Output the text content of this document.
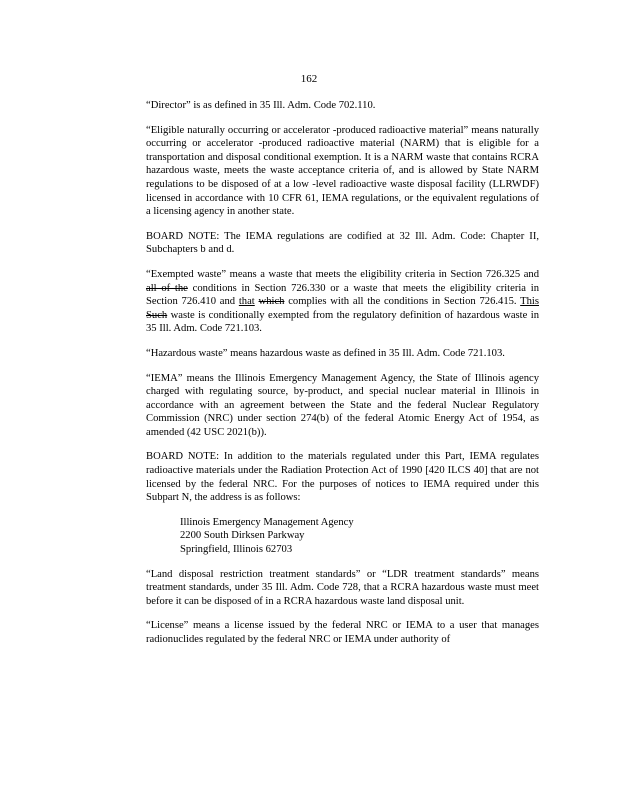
162

“Director” is as defined in 35 Ill. Adm. Code 702.110.

“Eligible naturally occurring or accelerator -produced radioactive material” means naturally occurring or accelerator -produced radioactive material (NARM) that is eligible for a transportation and disposal conditional exemption. It is a NARM waste that contains RCRA hazardous waste, meets the waste acceptance criteria of, and is allowed by State NARM regulations to be disposed of at a low -level radioactive waste disposal facility (LLRWDF) licensed in accordance with 10 CFR 61, IEMA regulations, or the equivalent regulations of a licensing agency in another state.

BOARD NOTE: The IEMA regulations are codified at 32 Ill. Adm. Code: Chapter II, Subchapters b and d.

“Exempted waste” means a waste that meets the eligibility criteria in Section 726.325 and all of the conditions in Section 726.330 or a waste that meets the eligibility criteria in Section 726.410 and that which complies with all the conditions in Section 726.415. This Such waste is conditionally exempted from the regulatory definition of hazardous waste in 35 Ill. Adm. Code 721.103.

“Hazardous waste” means hazardous waste as defined in 35 Ill. Adm. Code 721.103.

“IEMA” means the Illinois Emergency Management Agency, the State of Illinois agency charged with regulating source, by-product, and special nuclear material in Illinois in accordance with an agreement between the State and the federal Nuclear Regulatory Commission (NRC) under section 274(b) of the federal Atomic Energy Act of 1954, as amended (42 USC 2021(b)).

BOARD NOTE: In addition to the materials regulated under this Part, IEMA regulates radioactive materials under the Radiation Protection Act of 1990 [420 ILCS 40] that are not licensed by the federal NRC. For the purposes of notices to IEMA required under this Subpart N, the address is as follows:

Illinois Emergency Management Agency
2200 South Dirksen Parkway
Springfield, Illinois 62703

“Land disposal restriction treatment standards” or “LDR treatment standards” means treatment standards, under 35 Ill. Adm. Code 728, that a RCRA hazardous waste must meet before it can be disposed of in a RCRA hazardous waste land disposal unit.

“License” means a license issued by the federal NRC or IEMA to a user that manages radionuclides regulated by the federal NRC or IEMA under authority of
